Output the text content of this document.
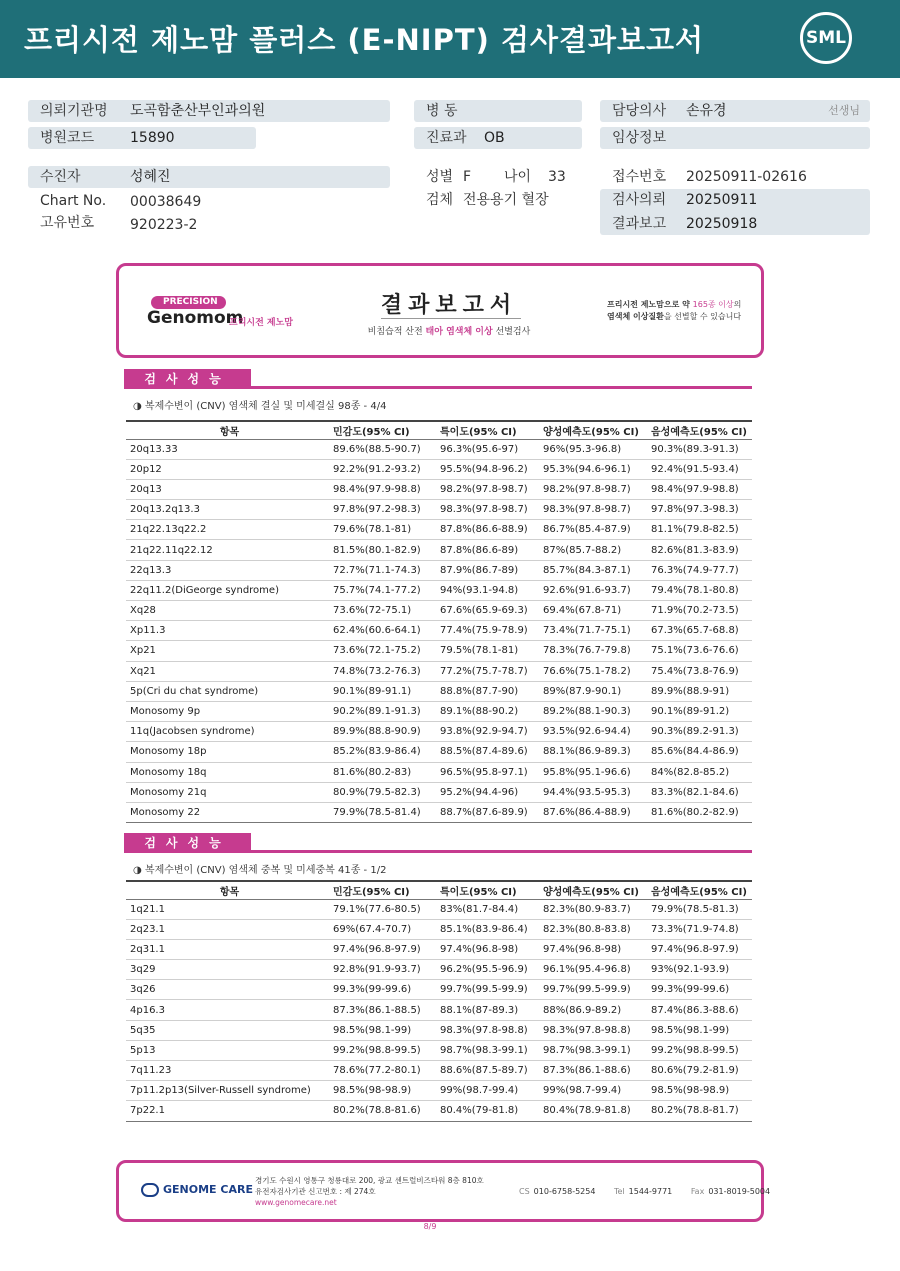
프리시전 제노맘 플러스 (E-NIPT) 검사결과보고서	SML
의뢰기관명 도곡함춘산부인과의원
병원코드	15890
수진자	성혜진
Chart No. 00038649
고유번호	920223-2
병 동
진료과 OB
성별 F 나이 33
검체 전용용기 혈장
담당의사 손유경	선생님
임상정보
접수번호 20250911-02616
검사의뢰 20250911
결과보고 20250918
PRECISION
Genomom
프리시전 제노맘
결과보고서
비침습적 산전 태아 염색체 이상 선별검사
프리시전 제노맘으로 약 165종 이상의
염색체 이상질환을 선별할 수 있습니다
검사성능
◑ 복제수변이 (CNV) 염색체 결실 및 미세결실 98종 - 4/4
항목	민감도(95% CI)	특이도(95% CI)	양성예측도(95% CI)	음성예측도(95% CI)
20q13.33	89.6%(88.5-90.7)	96.3%(95.6-97)	96%(95.3-96.8)	90.3%(89.3-91.3)
20p12	92.2%(91.2-93.2)	95.5%(94.8-96.2)	95.3%(94.6-96.1)	92.4%(91.5-93.4)
20q13	98.4%(97.9-98.8)	98.2%(97.8-98.7)	98.2%(97.8-98.7)	98.4%(97.9-98.8)
20q13.2q13.3	97.8%(97.2-98.3)	98.3%(97.8-98.7)	98.3%(97.8-98.7)	97.8%(97.3-98.3)
21q22.13q22.2	79.6%(78.1-81)	87.8%(86.6-88.9)	86.7%(85.4-87.9)	81.1%(79.8-82.5)
21q22.11q22.12	81.5%(80.1-82.9)	87.8%(86.6-89)	87%(85.7-88.2)	82.6%(81.3-83.9)
22q13.3	72.7%(71.1-74.3)	87.9%(86.7-89)	85.7%(84.3-87.1)	76.3%(74.9-77.7)
22q11.2(DiGeorge syndrome)	75.7%(74.1-77.2)	94%(93.1-94.8)	92.6%(91.6-93.7)	79.4%(78.1-80.8)
Xq28	73.6%(72-75.1)	67.6%(65.9-69.3)	69.4%(67.8-71)	71.9%(70.2-73.5)
Xp11.3	62.4%(60.6-64.1)	77.4%(75.9-78.9)	73.4%(71.7-75.1)	67.3%(65.7-68.8)
Xp21	73.6%(72.1-75.2)	79.5%(78.1-81)	78.3%(76.7-79.8)	75.1%(73.6-76.6)
Xq21	74.8%(73.2-76.3)	77.2%(75.7-78.7)	76.6%(75.1-78.2)	75.4%(73.8-76.9)
5p(Cri du chat syndrome)	90.1%(89-91.1)	88.8%(87.7-90)	89%(87.9-90.1)	89.9%(88.9-91)
Monosomy 9p	90.2%(89.1-91.3)	89.1%(88-90.2)	89.2%(88.1-90.3)	90.1%(89-91.2)
11q(Jacobsen syndrome)	89.9%(88.8-90.9)	93.8%(92.9-94.7)	93.5%(92.6-94.4)	90.3%(89.2-91.3)
Monosomy 18p	85.2%(83.9-86.4)	88.5%(87.4-89.6)	88.1%(86.9-89.3)	85.6%(84.4-86.9)
Monosomy 18q	81.6%(80.2-83)	96.5%(95.8-97.1)	95.8%(95.1-96.6)	84%(82.8-85.2)
Monosomy 21q	80.9%(79.5-82.3)	95.2%(94.4-96)	94.4%(93.5-95.3)	83.3%(82.1-84.6)
Monosomy 22	79.9%(78.5-81.4)	88.7%(87.6-89.9)	87.6%(86.4-88.9)	81.6%(80.2-82.9)
검사성능
◑ 복제수변이 (CNV) 염색체 중복 및 미세중복 41종 - 1/2
항목	민감도(95% CI)	특이도(95% CI)	양성예측도(95% CI)	음성예측도(95% CI)
1q21.1	79.1%(77.6-80.5)	83%(81.7-84.4)	82.3%(80.9-83.7)	79.9%(78.5-81.3)
2q23.1	69%(67.4-70.7)	85.1%(83.9-86.4)	82.3%(80.8-83.8)	73.3%(71.9-74.8)
2q31.1	97.4%(96.8-97.9)	97.4%(96.8-98)	97.4%(96.8-98)	97.4%(96.8-97.9)
3q29	92.8%(91.9-93.7)	96.2%(95.5-96.9)	96.1%(95.4-96.8)	93%(92.1-93.9)
3q26	99.3%(99-99.6)	99.7%(99.5-99.9)	99.7%(99.5-99.9)	99.3%(99-99.6)
4p16.3	87.3%(86.1-88.5)	88.1%(87-89.3)	88%(86.9-89.2)	87.4%(86.3-88.6)
5q35	98.5%(98.1-99)	98.3%(97.8-98.8)	98.3%(97.8-98.8)	98.5%(98.1-99)
5p13	99.2%(98.8-99.5)	98.7%(98.3-99.1)	98.7%(98.3-99.1)	99.2%(98.8-99.5)
7q11.23	78.6%(77.2-80.1)	88.6%(87.5-89.7)	87.3%(86.1-88.6)	80.6%(79.2-81.9)
7p11.2p13(Silver-Russell syndrome)	98.5%(98-98.9)	99%(98.7-99.4)	99%(98.7-99.4)	98.5%(98-98.9)
7p22.1	80.2%(78.8-81.6)	80.4%(79-81.8)	80.4%(78.9-81.8)	80.2%(78.8-81.7)
GENOME CARE
경기도 수원시 영통구 청룡대로 200, 광교 센트럴비즈타워 8층 810호
유전자검사기관 신고번호 : 제 274호
www.genomecare.net
CS 010-6758-5254 Tel 1544-9771 Fax 031-8019-5004
8/9
